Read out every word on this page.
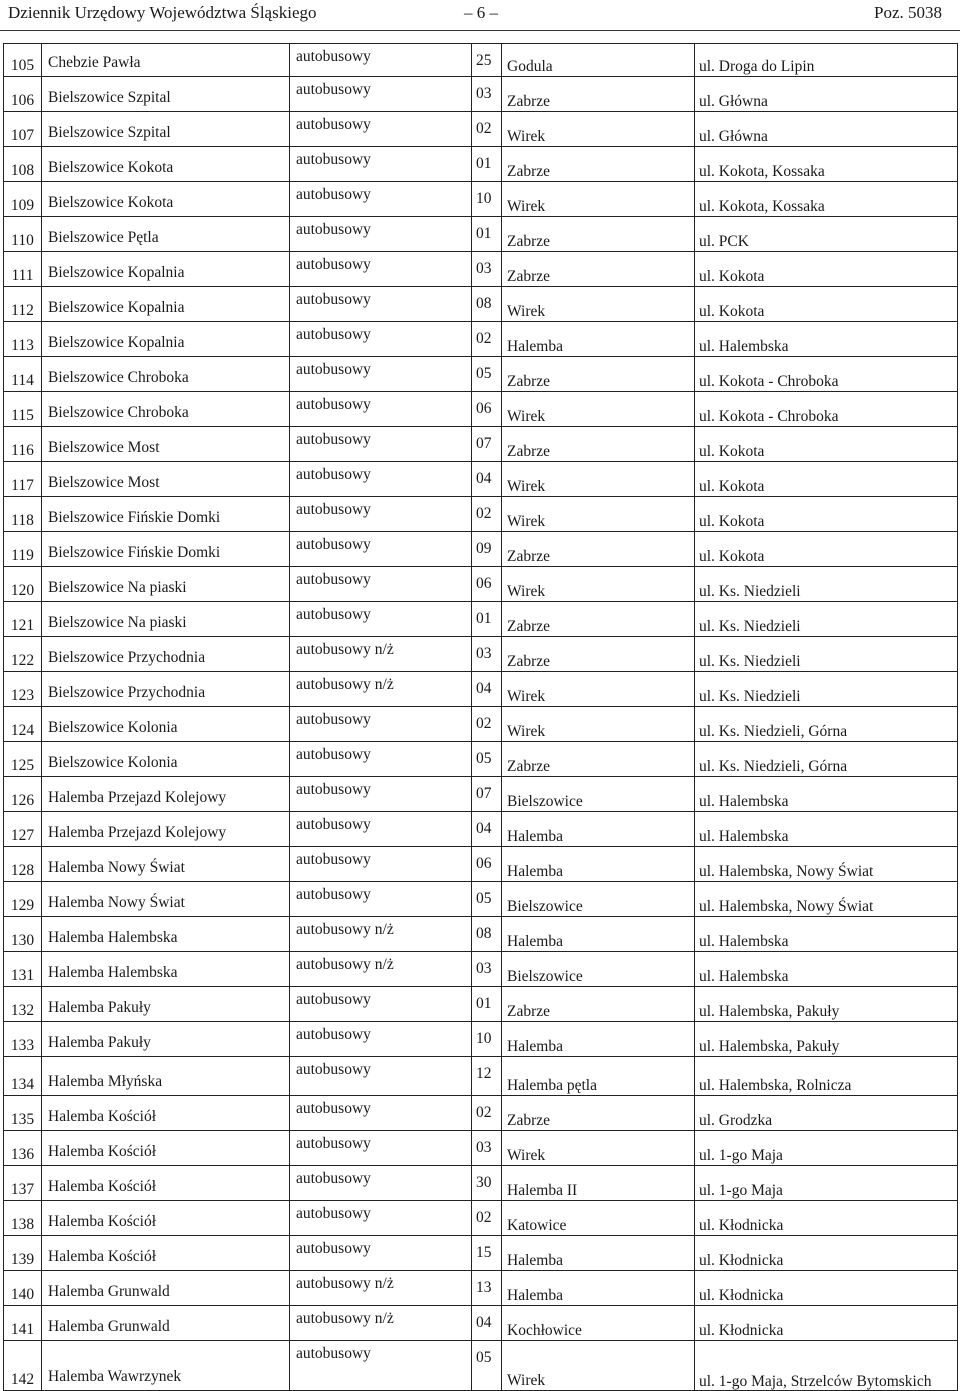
Dziennik Urzędowy Województwa Śląskiego	– 6 –	Poz. 5038
105	Chebzie Pawła	autobusowy	25	Godula	ul. Droga do Lipin
106	Bielszowice Szpital	autobusowy	03	Zabrze	ul. Główna
107	Bielszowice Szpital	autobusowy	02	Wirek	ul. Główna
108	Bielszowice Kokota	autobusowy	01	Zabrze	ul. Kokota, Kossaka
109	Bielszowice Kokota	autobusowy	10	Wirek	ul. Kokota, Kossaka
110	Bielszowice Pętla	autobusowy	01	Zabrze	ul. PCK
111	Bielszowice Kopalnia	autobusowy	03	Zabrze	ul. Kokota
112	Bielszowice Kopalnia	autobusowy	08	Wirek	ul. Kokota
113	Bielszowice Kopalnia	autobusowy	02	Halemba	ul. Halembska
114	Bielszowice Chroboka	autobusowy	05	Zabrze	ul. Kokota - Chroboka
115	Bielszowice Chroboka	autobusowy	06	Wirek	ul. Kokota - Chroboka
116	Bielszowice Most	autobusowy	07	Zabrze	ul. Kokota
117	Bielszowice Most	autobusowy	04	Wirek	ul. Kokota
118	Bielszowice Fińskie Domki	autobusowy	02	Wirek	ul. Kokota
119	Bielszowice Fińskie Domki	autobusowy	09	Zabrze	ul. Kokota
120	Bielszowice Na piaski	autobusowy	06	Wirek	ul. Ks. Niedzieli
121	Bielszowice Na piaski	autobusowy	01	Zabrze	ul. Ks. Niedzieli
122	Bielszowice Przychodnia	autobusowy n/ż	03	Zabrze	ul. Ks. Niedzieli
123	Bielszowice Przychodnia	autobusowy n/ż	04	Wirek	ul. Ks. Niedzieli
124	Bielszowice Kolonia	autobusowy	02	Wirek	ul. Ks. Niedzieli, Górna
125	Bielszowice Kolonia	autobusowy	05	Zabrze	ul. Ks. Niedzieli, Górna
126	Halemba Przejazd Kolejowy	autobusowy	07	Bielszowice	ul. Halembska
127	Halemba Przejazd Kolejowy	autobusowy	04	Halemba	ul. Halembska
128	Halemba Nowy Świat	autobusowy	06	Halemba	ul. Halembska, Nowy Świat
129	Halemba Nowy Świat	autobusowy	05	Bielszowice	ul. Halembska, Nowy Świat
130	Halemba Halembska	autobusowy n/ż	08	Halemba	ul. Halembska
131	Halemba Halembska	autobusowy n/ż	03	Bielszowice	ul. Halembska
132	Halemba Pakuły	autobusowy	01	Zabrze	ul. Halembska, Pakuły
133	Halemba Pakuły	autobusowy	10	Halemba	ul. Halembska, Pakuły
134	Halemba Młyńska	autobusowy	12	Halemba pętla	ul. Halembska, Rolnicza
135	Halemba Kościół	autobusowy	02	Zabrze	ul. Grodzka
136	Halemba Kościół	autobusowy	03	Wirek	ul. 1-go Maja
137	Halemba Kościół	autobusowy	30	Halemba II	ul. 1-go Maja
138	Halemba Kościół	autobusowy	02	Katowice	ul. Kłodnicka
139	Halemba Kościół	autobusowy	15	Halemba	ul. Kłodnicka
140	Halemba Grunwald	autobusowy n/ż	13	Halemba	ul. Kłodnicka
141	Halemba Grunwald	autobusowy n/ż	04	Kochłowice	ul. Kłodnicka
142	Halemba Wawrzynek	autobusowy	05	Wirek	ul. 1-go Maja, Strzelców Bytomskich
